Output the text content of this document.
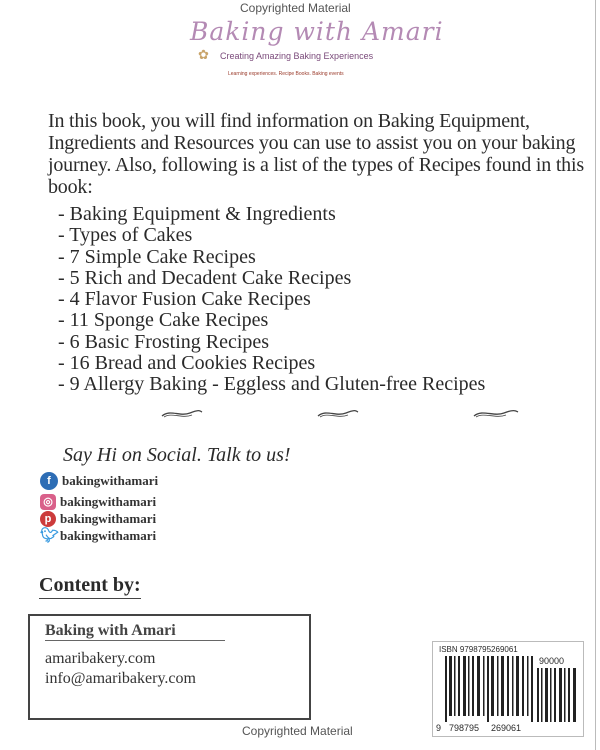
Copyrighted Material
Baking with Amari
✿ Creating Amazing Baking Experiences
Learning experiences. Recipe Books. Baking events
In this book, you will find information on Baking Equipment, Ingredients and Resources you can use to assist you on your baking journey. Also, following is a list of the types of Recipes found in this book:
- Baking Equipment & Ingredients
- Types of Cakes
- 7 Simple Cake Recipes
- 5 Rich and Decadent Cake Recipes
- 4 Flavor Fusion Cake Recipes
- 11 Sponge Cake Recipes
- 6 Basic Frosting Recipes
- 16 Bread and Cookies Recipes
- 9 Allergy Baking - Eggless and Gluten-free Recipes
Say Hi on Social. Talk to us!
f bakingwithamari
◎ bakingwithamari
p bakingwithamari
🐦︎ bakingwithamari
Content by:
Baking with Amari
amaribakery.com
info@amaribakery.com
Copyrighted Material
ISBN 9798795269061
90000
9 798795 269061
